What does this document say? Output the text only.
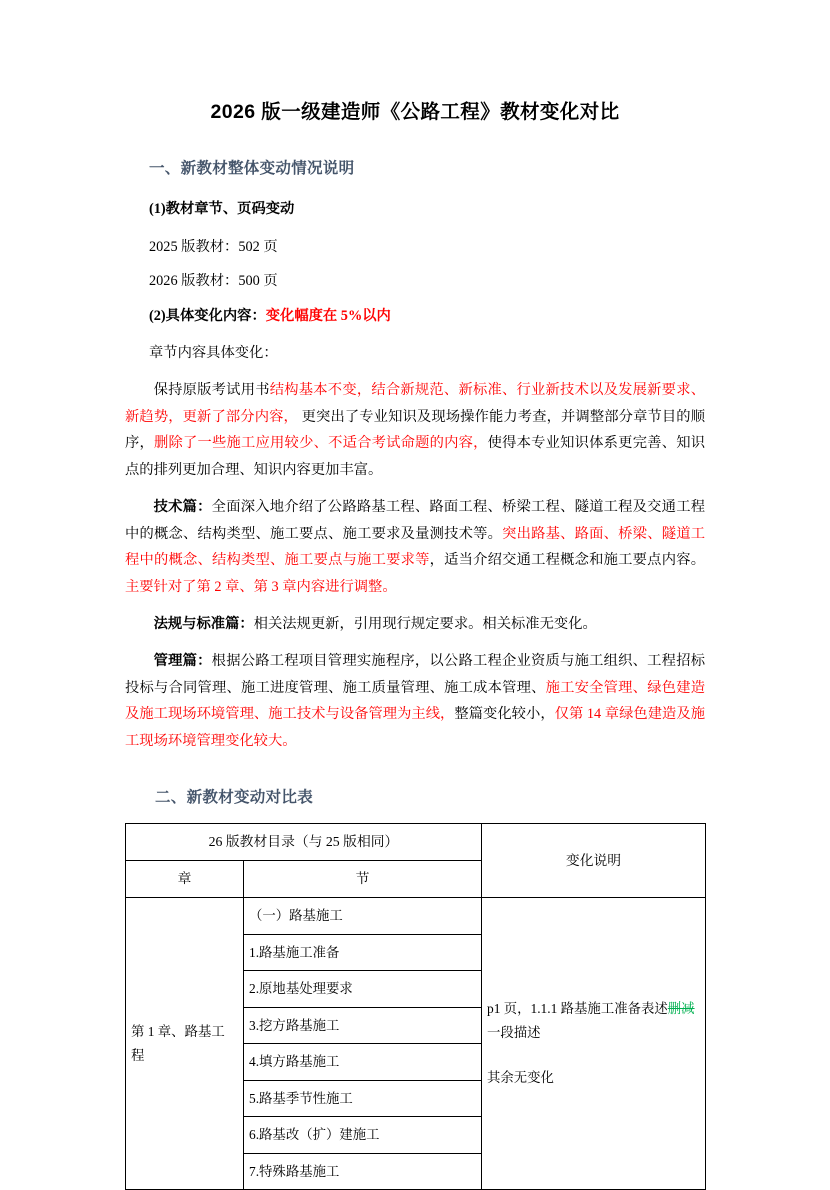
2026 版一级建造师《公路工程》教材变化对比
一、新教材整体变动情况说明

(1)教材章节、页码变动

2025 版教材：502 页
2026 版教材：500 页

(2)具体变化内容：变化幅度在 5%以内

章节内容具体变化：

保持原版考试用书结构基本不变，结合新规范、新标准、行业新技术以及发展新要求、新趋势，更新了部分内容， 更突出了专业知识及现场操作能力考查，并调整部分章节目的顺序，删除了一些施工应用较少、不适合考试命题的内容，使得本专业知识体系更完善、知识点的排列更加合理、知识内容更加丰富。

技术篇：全面深入地介绍了公路路基工程、路面工程、桥梁工程、隧道工程及交通工程中的概念、结构类型、施工要点、施工要求及量测技术等。突出路基、路面、桥梁、隧道工程中的概念、结构类型、施工要点与施工要求等，适当介绍交通工程概念和施工要点内容。主要针对了第 2 章、第 3 章内容进行调整。

法规与标准篇：相关法规更新，引用现行规定要求。相关标准无变化。

管理篇：根据公路工程项目管理实施程序，以公路工程企业资质与施工组织、工程招标投标与合同管理、施工进度管理、施工质量管理、施工成本管理、施工安全管理、绿色建造及施工现场环境管理、施工技术与设备管理为主线，整篇变化较小，仅第 14 章绿色建造及施工现场环境管理变化较大。

二、新教材变动对比表
26 版教材目录（与 25 版相同）		变化说明
章	节	
第 1 章、路基工程	（一）路基施工	p1 页，1.1.1 路基施工准备表述删减一段描述

其余无变化

	1.路基施工准备	
	2.原地基处理要求	
	3.挖方路基施工	
	4.填方路基施工	
	5.路基季节性施工	
	6.路基改（扩）建施工	
	7.特殊路基施工	
